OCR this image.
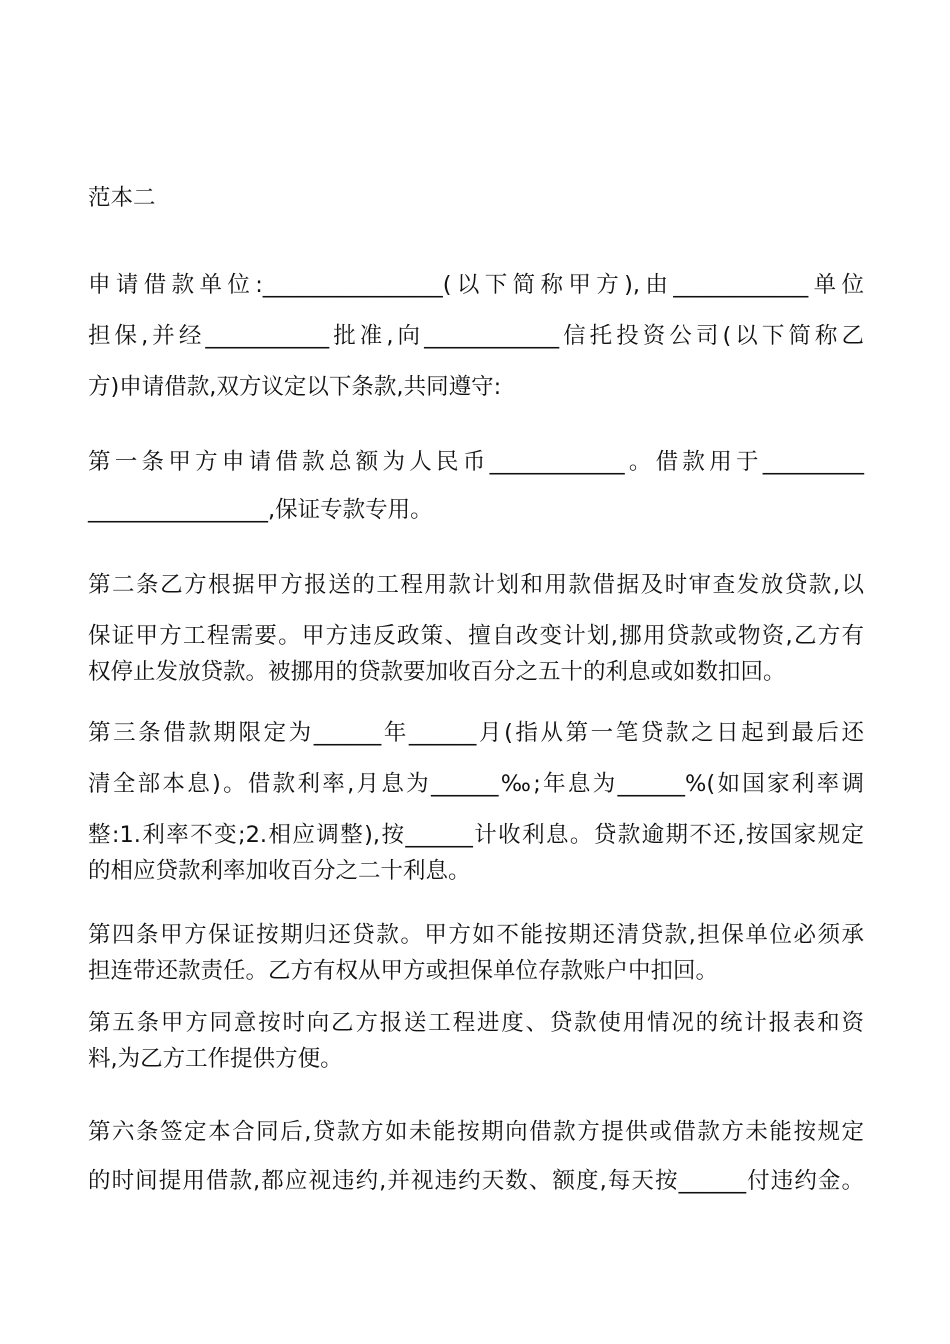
范本二
申请借款单位:________________(以下简称甲方),由____________单位
担保,并经___________批准,向____________信托投资公司(以下简称乙
方)申请借款,双方议定以下条款,共同遵守:
第一条甲方申请借款总额为人民币____________。借款用于_________
________________,保证专款专用。
第二条乙方根据甲方报送的工程用款计划和用款借据及时审查发放贷款,以
保证甲方工程需要。甲方违反政策、擅自改变计划,挪用贷款或物资,乙方有
权停止发放贷款。被挪用的贷款要加收百分之五十的利息或如数扣回。
第三条借款期限定为______年______月(指从第一笔贷款之日起到最后还
清全部本息)。借款利率,月息为______‰;年息为______%(如国家利率调
整:1.利率不变;2.相应调整),按______计收利息。贷款逾期不还,按国家规定
的相应贷款利率加收百分之二十利息。
第四条甲方保证按期归还贷款。甲方如不能按期还清贷款,担保单位必须承
担连带还款责任。乙方有权从甲方或担保单位存款账户中扣回。
第五条甲方同意按时向乙方报送工程进度、贷款使用情况的统计报表和资
料,为乙方工作提供方便。
第六条签定本合同后,贷款方如未能按期向借款方提供或借款方未能按规定
的时间提用借款,都应视违约,并视违约天数、额度,每天按______付违约金。
